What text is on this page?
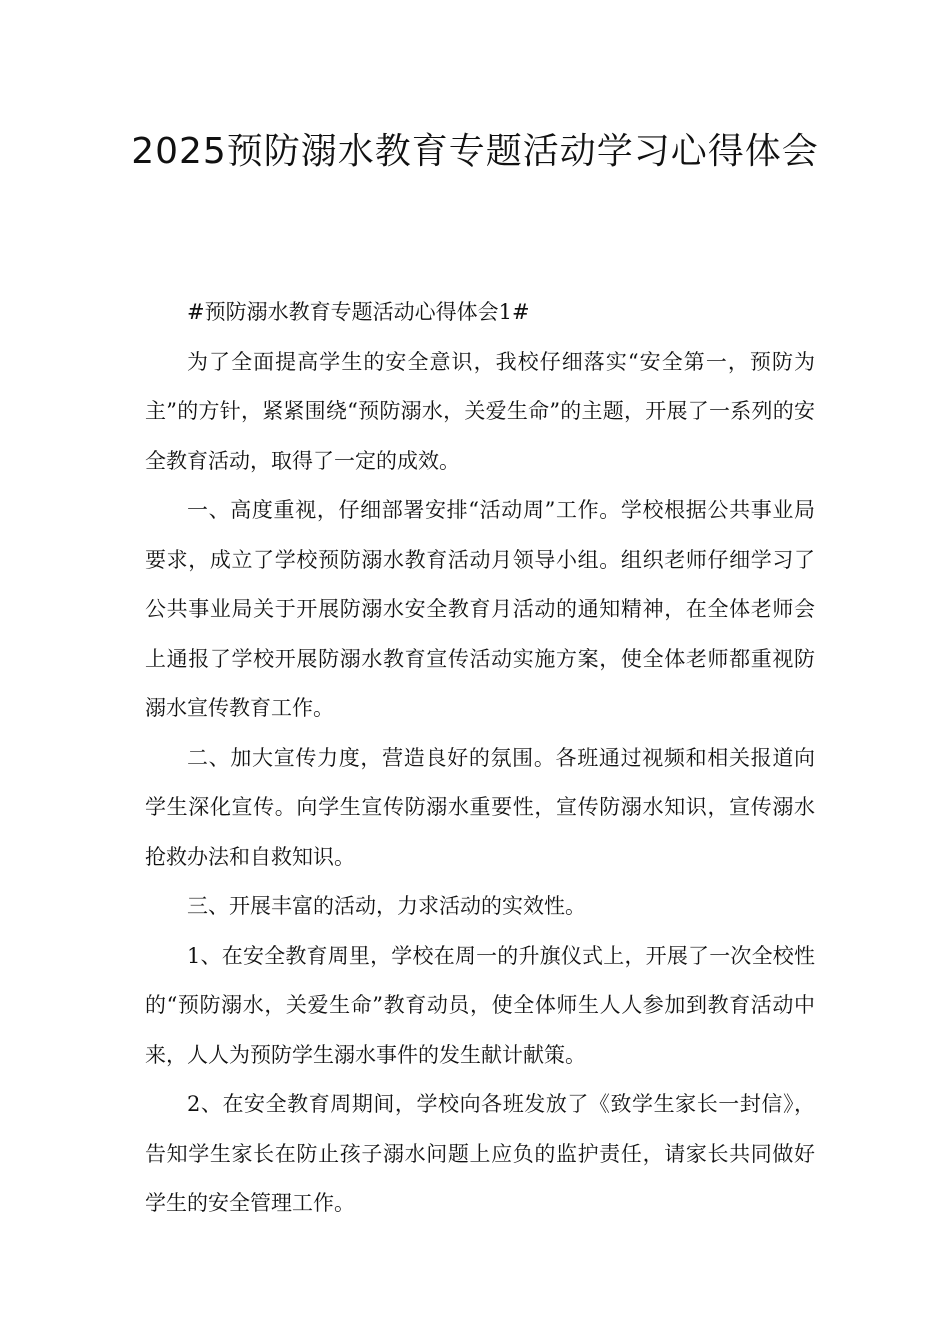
2025预防溺水教育专题活动学习心得体会

#预防溺水教育专题活动心得体会1#

为了全面提高学生的安全意识，我校仔细落实“安全第一，预防为主”的方针，紧紧围绕“预防溺水，关爱生命”的主题，开展了一系列的安全教育活动，取得了一定的成效。

一、高度重视，仔细部署安排“活动周”工作。学校根据公共事业局要求，成立了学校预防溺水教育活动月领导小组。组织老师仔细学习了公共事业局关于开展防溺水安全教育月活动的通知精神，在全体老师会上通报了学校开展防溺水教育宣传活动实施方案，使全体老师都重视防溺水宣传教育工作。

二、加大宣传力度，营造良好的氛围。各班通过视频和相关报道向学生深化宣传。向学生宣传防溺水重要性，宣传防溺水知识，宣传溺水抢救办法和自救知识。

三、开展丰富的活动，力求活动的实效性。

1、在安全教育周里，学校在周一的升旗仪式上，开展了一次全校性的“预防溺水，关爱生命”教育动员，使全体师生人人参加到教育活动中来，人人为预防学生溺水事件的发生献计献策。

2、在安全教育周期间，学校向各班发放了《致学生家长一封信》，告知学生家长在防止孩子溺水问题上应负的监护责任，请家长共同做好学生的安全管理工作。
